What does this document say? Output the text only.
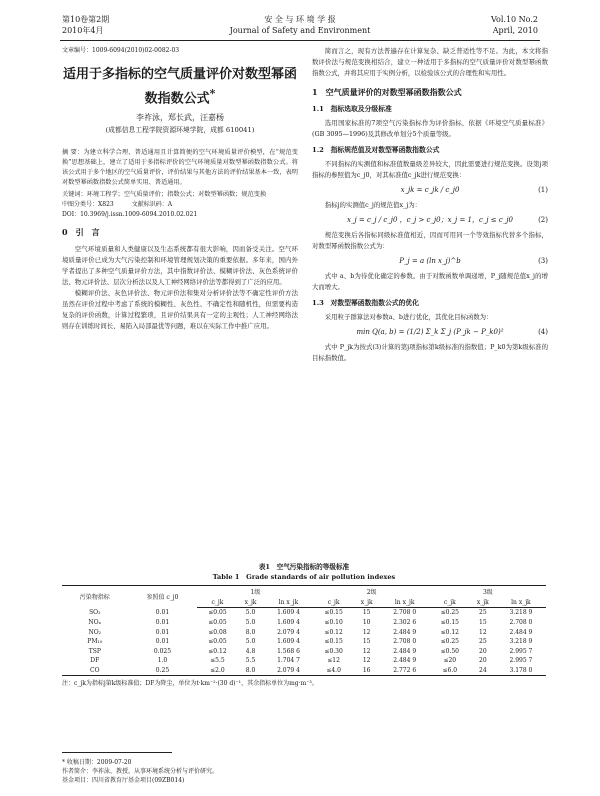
第10卷第2期
2010年4月
安 全 与 环 境 学 报
Journal of Safety and Environment
Vol.10 No.2
April, 2010
文章编号：1009-6094(2010)02-0082-03
适用于多指标的空气质量评价对数型幂函数指数公式*
李祚泳，郑长武，汪嘉杨
(成都信息工程学院资源环境学院，成都 610041)
摘 要：为建立科学合理、普适通用且计算简便的空气环境质量评价模型，在“规范变换”思想基础上，建立了适用于多指标评价的空气环境质量对数型幂函数指数公式。将该公式用于多个地区的空气质量评价，评价结果与其他方法的评价结果基本一致，表明对数型幂函数指数公式简单实用、普适通用。
关键词：环境工程学；空气质量评价；指数公式；对数型幂函数；规范变换
中图分类号：X823　　　文献标识码：A
DOI：10.3969/j.issn.1009-6094.2010.02.021
0　引　言

空气环境质量和人类健康以及生态系统都有很大影响，因而备受关注。空气环境质量评价已成为大气污染控制和环境管理规划决策的重要依据。多年来，国内外学者提出了多种空气质量评价方法，其中指数评价法、模糊评价法、灰色系统评价法、物元评价法、层次分析法以及人工神经网络评价法等都得到了广泛的应用。

模糊评价法、灰色评价法、物元评价法和集对分析评价法等不确定性评价方法虽然在评价过程中考虑了系统的模糊性、灰色性、不确定性和随机性，但需要构造复杂的评价函数，计算过程繁琐，且评价结果具有一定的主观性；人工神经网络法则存在训练时间长、易陷入局部最优等问题，难以在实际工作中推广应用。

简而言之，现有方法普遍存在计算复杂、缺乏普适性等不足。为此，本文将指数评价法与规范变换相结合，建立一种适用于多指标的空气质量评价对数型幂函数指数公式，并将其应用于实例分析，以检验该公式的合理性和实用性。

1　空气质量评价的对数型幂函数指数公式
1.1　指标选取及分级标准

选用国家标准的7项空气污染指标作为评价指标，依据《环境空气质量标准》(GB 3095—1996)及其修改单划分5个质量等级。

1.2　指标规范值及对数型幂函数指数公式

不同指标的实测值和标准值数量级差异较大，因此需要进行规范变换。设第j项指标的参照值为c_j0，对其标准值c_jk进行规范变换：

x_jk = c_jk / c_j0	(1)

指标j的实测值c_j的规范值x_j为：

x_j = c_j / c_j0 ，c_j > c_j0；x_j = 1，c_j ≤ c_j0	(2)

规范变换后各指标同级标准值相近，因而可用同一个等效指标代替多个指标，对数型幂函数指数公式为：

P_j = a (ln x_j)^b	(3)

式中 a、b为待优化确定的参数。由于对数函数单调递增，P_j随规范值x_j的增大而增大。

1.3　对数型幂函数指数公式的优化

采用粒子群算法对参数a、b进行优化，其优化目标函数为：

min Q(a, b) = (1/2) Σ_k Σ_j (P_jk − P_k0)²	(4)

式中 P_jk为按式(3)计算的第j项指标第k级标准的指数值；P_k0为第k级标准的目标指数值。

表1　空气污染指标的等级标准
Table 1　Grade standards of air pollution indexes
污染物指标	参照值 c_j0	1级			2级			3级		
		c_jk	x_jk	ln x_jk	c_jk	x_jk	ln x_jk	c_jk	x_jk	ln x_jk
SO₂	0.01	≤0.05	5.0	1.609 4	≤0.15	15	2.708 0	≤0.25	25	3.218 9
NOₓ	0.01	≤0.05	5.0	1.609 4	≤0.10	10	2.302 6	≤0.15	15	2.708 0
NO₂	0.01	≤0.08	8.0	2.079 4	≤0.12	12	2.484 9	≤0.12	12	2.484 9
PM₁₀	0.01	≤0.05	5.0	1.609 4	≤0.15	15	2.708 0	≤0.25	25	3.218 9
TSP	0.025	≤0.12	4.8	1.568 6	≤0.30	12	2.484 9	≤0.50	20	2.995 7
DF	1.0	≤5.5	5.5	1.704 7	≤12	12	2.484 9	≤20	20	2.995 7
CO	0.25	≤2.0	8.0	2.079 4	≤4.0	16	2.772 6	≤6.0	24	3.178 0
注：c_jk为指标j第k级标准值；DF为降尘，单位为t·km⁻²·(30 d)⁻¹，其余指标单位为mg·m⁻³。
* 收稿日期：2009-07-20
作者简介：李祚泳，教授，从事环境系统分析与评价研究。
基金项目：四川省教育厅基金项目(09ZB014)
